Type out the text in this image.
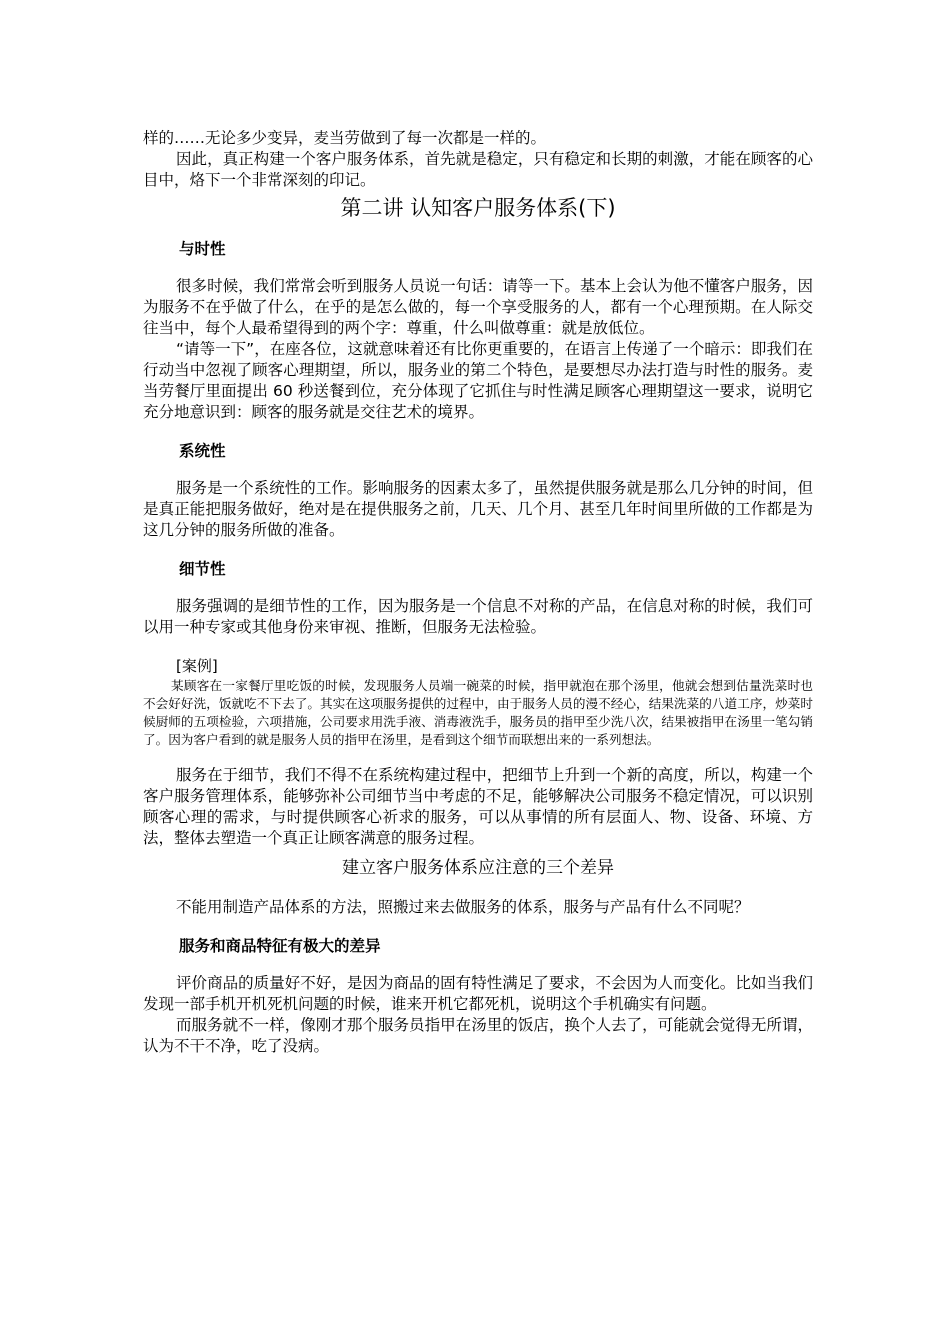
样的……无论多少变异，麦当劳做到了每一次都是一样的。

因此，真正构建一个客户服务体系，首先就是稳定，只有稳定和长期的刺激，才能在顾客的心目中，烙下一个非常深刻的印记。

第二讲 认知客户服务体系(下)
与时性

很多时候，我们常常会听到服务人员说一句话：请等一下。基本上会认为他不懂客户服务，因为服务不在乎做了什么，在乎的是怎么做的，每一个享受服务的人，都有一个心理预期。在人际交往当中，每个人最希望得到的两个字：尊重，什么叫做尊重：就是放低位。

“请等一下”，在座各位，这就意味着还有比你更重要的，在语言上传递了一个暗示：即我们在行动当中忽视了顾客心理期望，所以，服务业的第二个特色，是要想尽办法打造与时性的服务。麦当劳餐厅里面提出 60 秒送餐到位，充分体现了它抓住与时性满足顾客心理期望这一要求，说明它充分地意识到：顾客的服务就是交往艺术的境界。

系统性

服务是一个系统性的工作。影响服务的因素太多了，虽然提供服务就是那么几分钟的时间，但是真正能把服务做好，绝对是在提供服务之前，几天、几个月、甚至几年时间里所做的工作都是为这几分钟的服务所做的准备。

细节性

服务强调的是细节性的工作，因为服务是一个信息不对称的产品，在信息对称的时候，我们可以用一种专家或其他身份来审视、推断，但服务无法检验。

[案例]

某顾客在一家餐厅里吃饭的时候，发现服务人员端一碗菜的时候，指甲就泡在那个汤里，他就会想到估量洗菜时也不会好好洗，饭就吃不下去了。其实在这项服务提供的过程中，由于服务人员的漫不经心，结果洗菜的八道工序，炒菜时候厨师的五项检验，六项措施，公司要求用洗手液、消毒液洗手，服务员的指甲至少洗八次，结果被指甲在汤里一笔勾销了。因为客户看到的就是服务人员的指甲在汤里，是看到这个细节而联想出来的一系列想法。

服务在于细节，我们不得不在系统构建过程中，把细节上升到一个新的高度，所以，构建一个客户服务管理体系，能够弥补公司细节当中考虑的不足，能够解决公司服务不稳定情况，可以识别顾客心理的需求，与时提供顾客心祈求的服务，可以从事情的所有层面人、物、设备、环境、方法，整体去塑造一个真正让顾客满意的服务过程。

建立客户服务体系应注意的三个差异

不能用制造产品体系的方法，照搬过来去做服务的体系，服务与产品有什么不同呢？

服务和商品特征有极大的差异

评价商品的质量好不好，是因为商品的固有特性满足了要求，不会因为人而变化。比如当我们发现一部手机开机死机问题的时候，谁来开机它都死机，说明这个手机确实有问题。

而服务就不一样，像刚才那个服务员指甲在汤里的饭店，换个人去了，可能就会觉得无所谓，认为不干不净，吃了没病。
